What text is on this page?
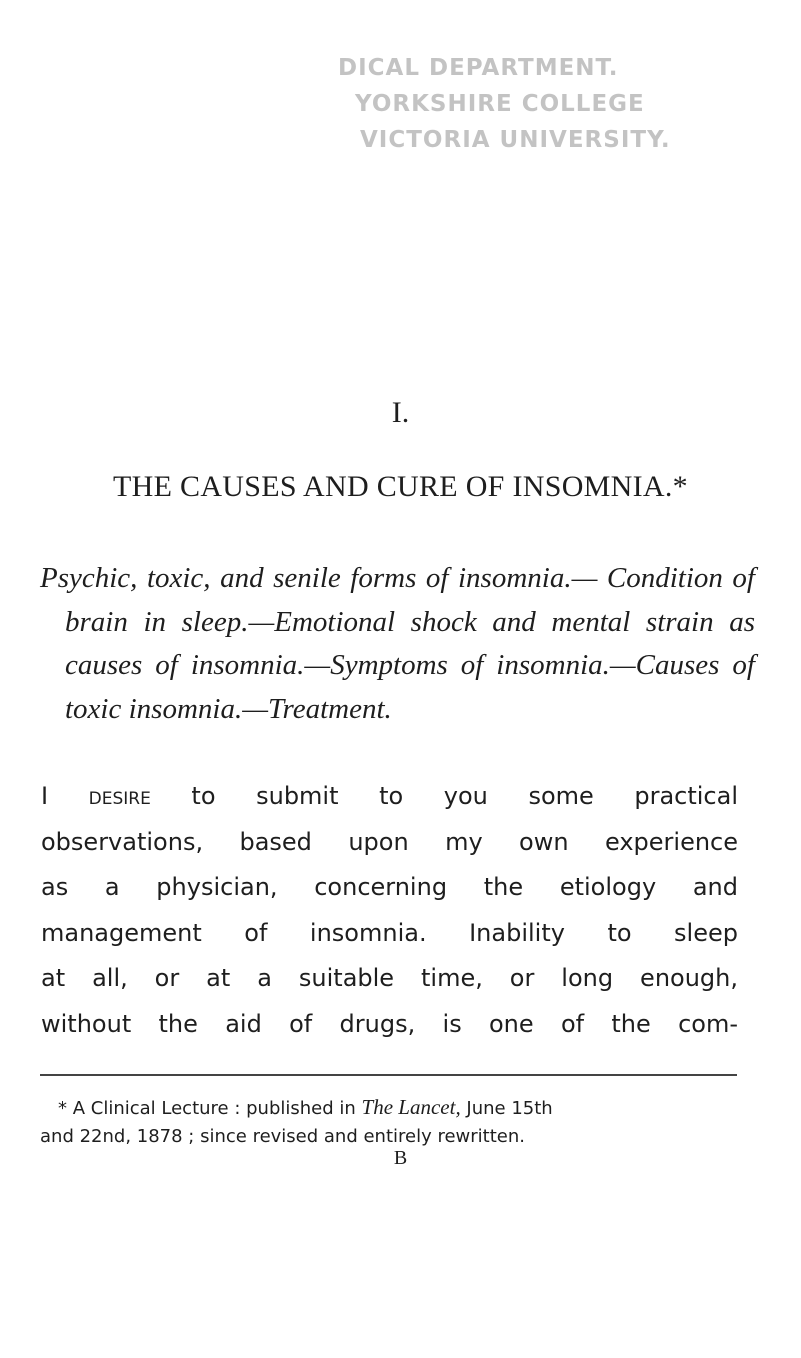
DICAL DEPARTMENT.
YORKSHIRE COLLEGE
VICTORIA UNIVERSITY.
I.
THE CAUSES AND CURE OF INSOMNIA.*
Psychic, toxic, and senile forms of insomnia.— Condition of brain in sleep.—Emotional shock and mental strain as causes of insomnia.—Symptoms of insomnia.—Causes of toxic insomnia.—Treatment.
I desire to submit to you some practical
observations, based upon my own experience
as a physician, concerning the etiology and
management of insomnia. Inability to sleep
at all, or at a suitable time, or long enough,
without the aid of drugs, is one of the com-
* A Clinical Lecture : published in The Lancet, June 15th
and 22nd, 1878 ; since revised and entirely rewritten.
B
